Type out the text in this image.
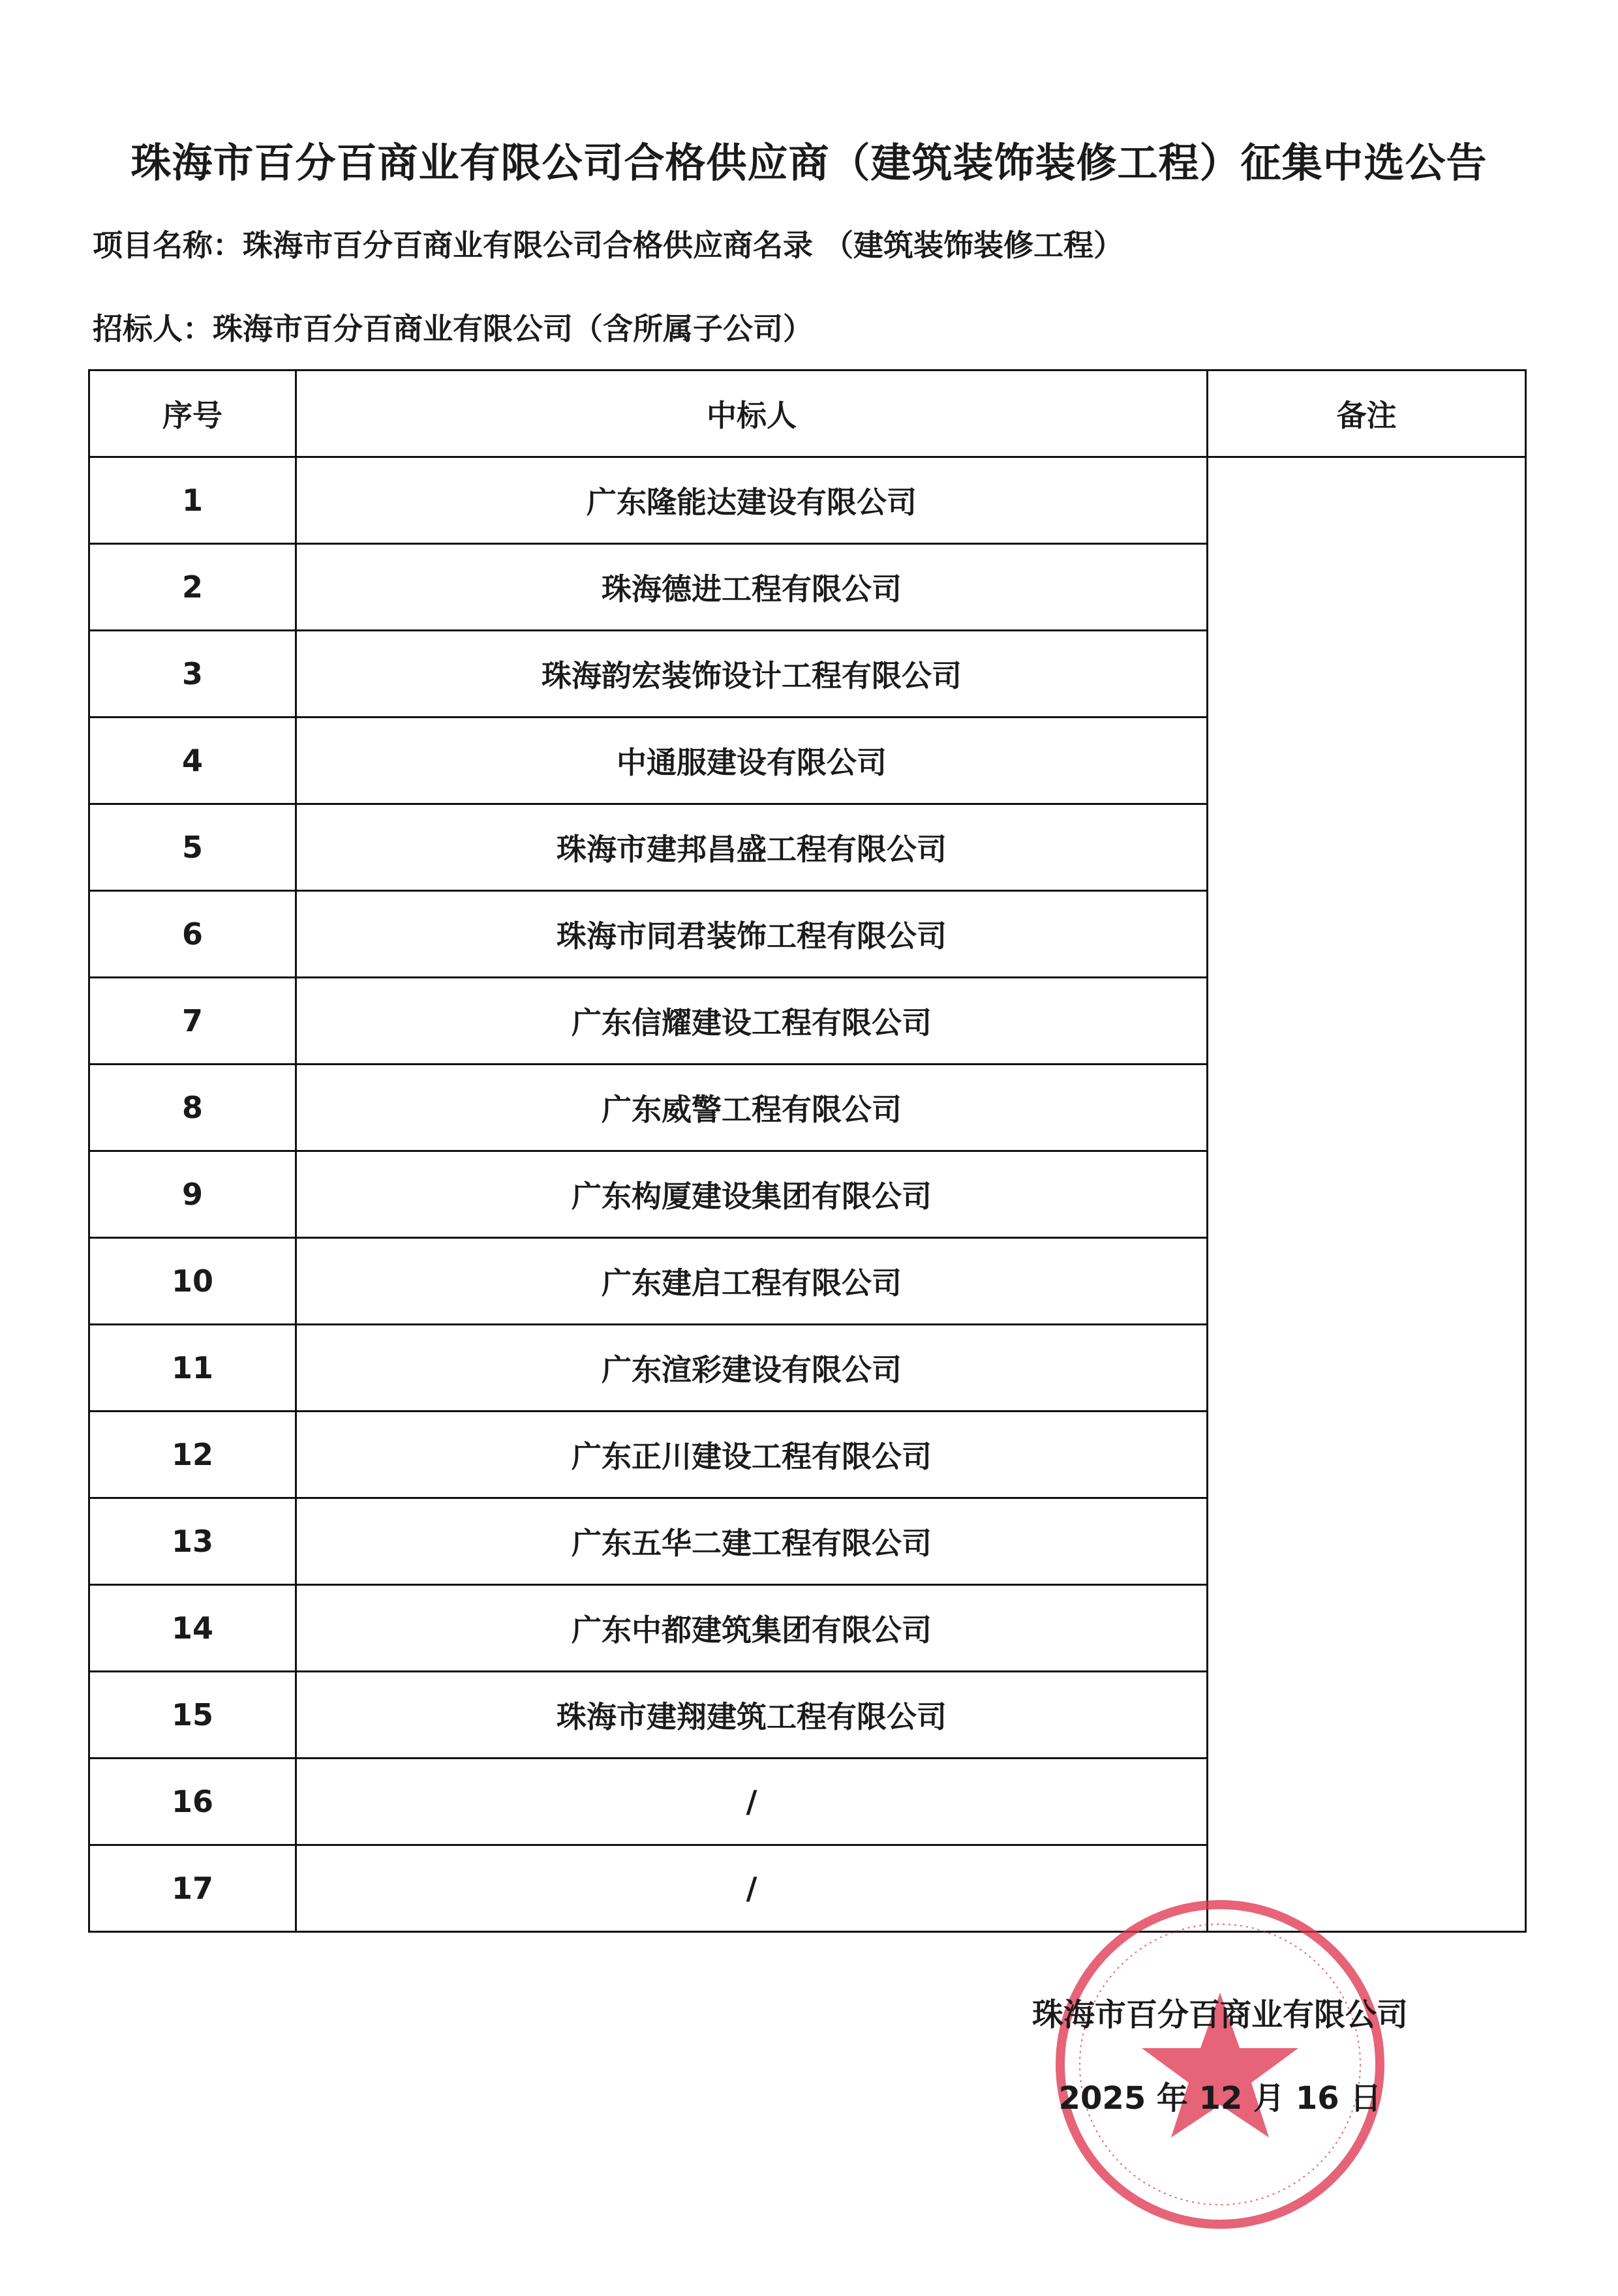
珠海市百分百商业有限公司合格供应商（建筑装饰装修工程）征集中选公告
项目名称：珠海市百分百商业有限公司合格供应商名录 （建筑装饰装修工程）
招标人：珠海市百分百商业有限公司（含所属子公司）
序号	中标人	备注
1	广东隆能达建设有限公司	
2	珠海德进工程有限公司	
3	珠海韵宏装饰设计工程有限公司	
4	中通服建设有限公司	
5	珠海市建邦昌盛工程有限公司	
6	珠海市同君装饰工程有限公司	
7	广东信耀建设工程有限公司	
8	广东威警工程有限公司	
9	广东构厦建设集团有限公司	
10	广东建启工程有限公司	
11	广东渲彩建设有限公司	
12	广东正川建设工程有限公司	
13	广东五华二建工程有限公司	
14	广东中都建筑集团有限公司	
15	珠海市建翔建筑工程有限公司	
16	/	
17	/	
珠海市百分百商业有限公司
2025 年 12 月 16 日
